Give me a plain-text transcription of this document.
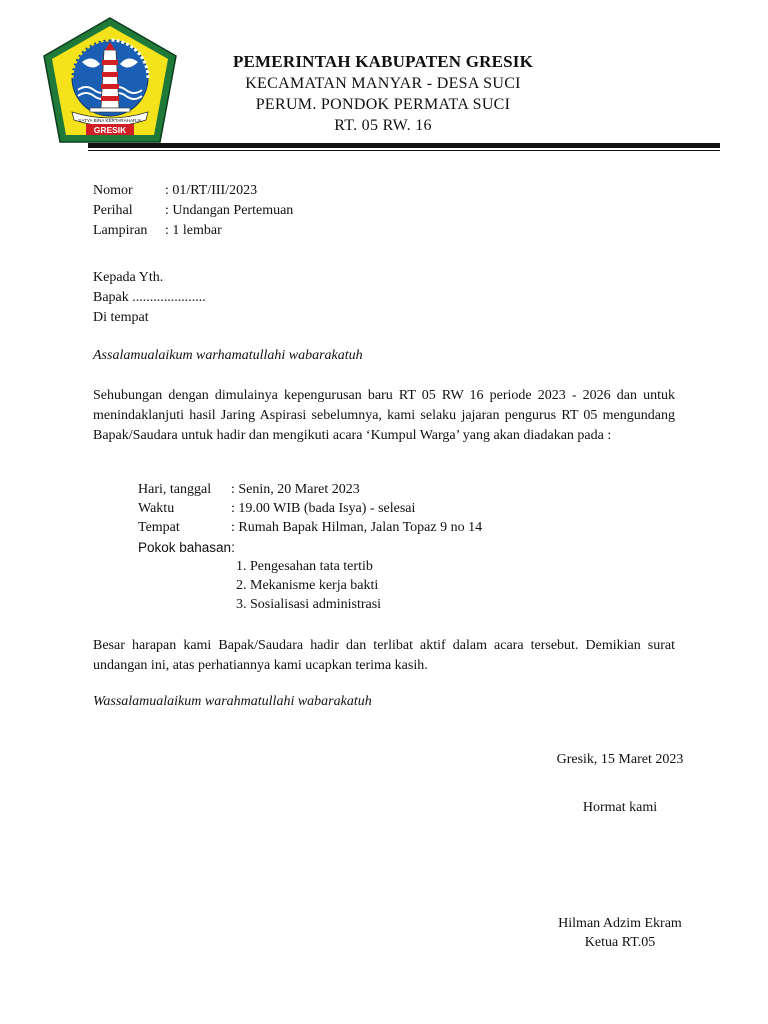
SATYA BINA KERTARAHARJA
GRESIK
PEMERINTAH KABUPATEN GRESIK
KECAMATAN MANYAR - DESA SUCI
PERUM. PONDOK PERMATA SUCI
RT. 05 RW. 16
Nomor : 01/RT/III/2023
Perihal : Undangan Pertemuan
Lampiran : 1 lembar
Kepada Yth.
Bapak .....................
Di tempat
Assalamualaikum warhamatullahi wabarakatuh
Sehubungan dengan dimulainya kepengurusan baru RT 05 RW 16 periode 2023 - 2026 dan untuk menindaklanjuti hasil Jaring Aspirasi sebelumnya, kami selaku jajaran pengurus RT 05 mengundang Bapak/Saudara untuk hadir dan mengikuti acara ‘Kumpul Warga’ yang akan diadakan pada :
Hari, tanggal : Senin, 20 Maret 2023
Waktu	: 19.00 WIB (bada Isya) - selesai
Tempat	: Rumah Bapak Hilman, Jalan Topaz 9 no 14
Pokok bahasan:
1. Pengesahan tata tertib
2. Mekanisme kerja bakti
3. Sosialisasi administrasi
Besar harapan kami Bapak/Saudara hadir dan terlibat aktif dalam acara tersebut. Demikian surat undangan ini, atas perhatiannya kami ucapkan terima kasih.
Wassalamualaikum warahmatullahi wabarakatuh
Gresik, 15 Maret 2023
Hormat kami
Hilman Adzim Ekram
Ketua RT.05
